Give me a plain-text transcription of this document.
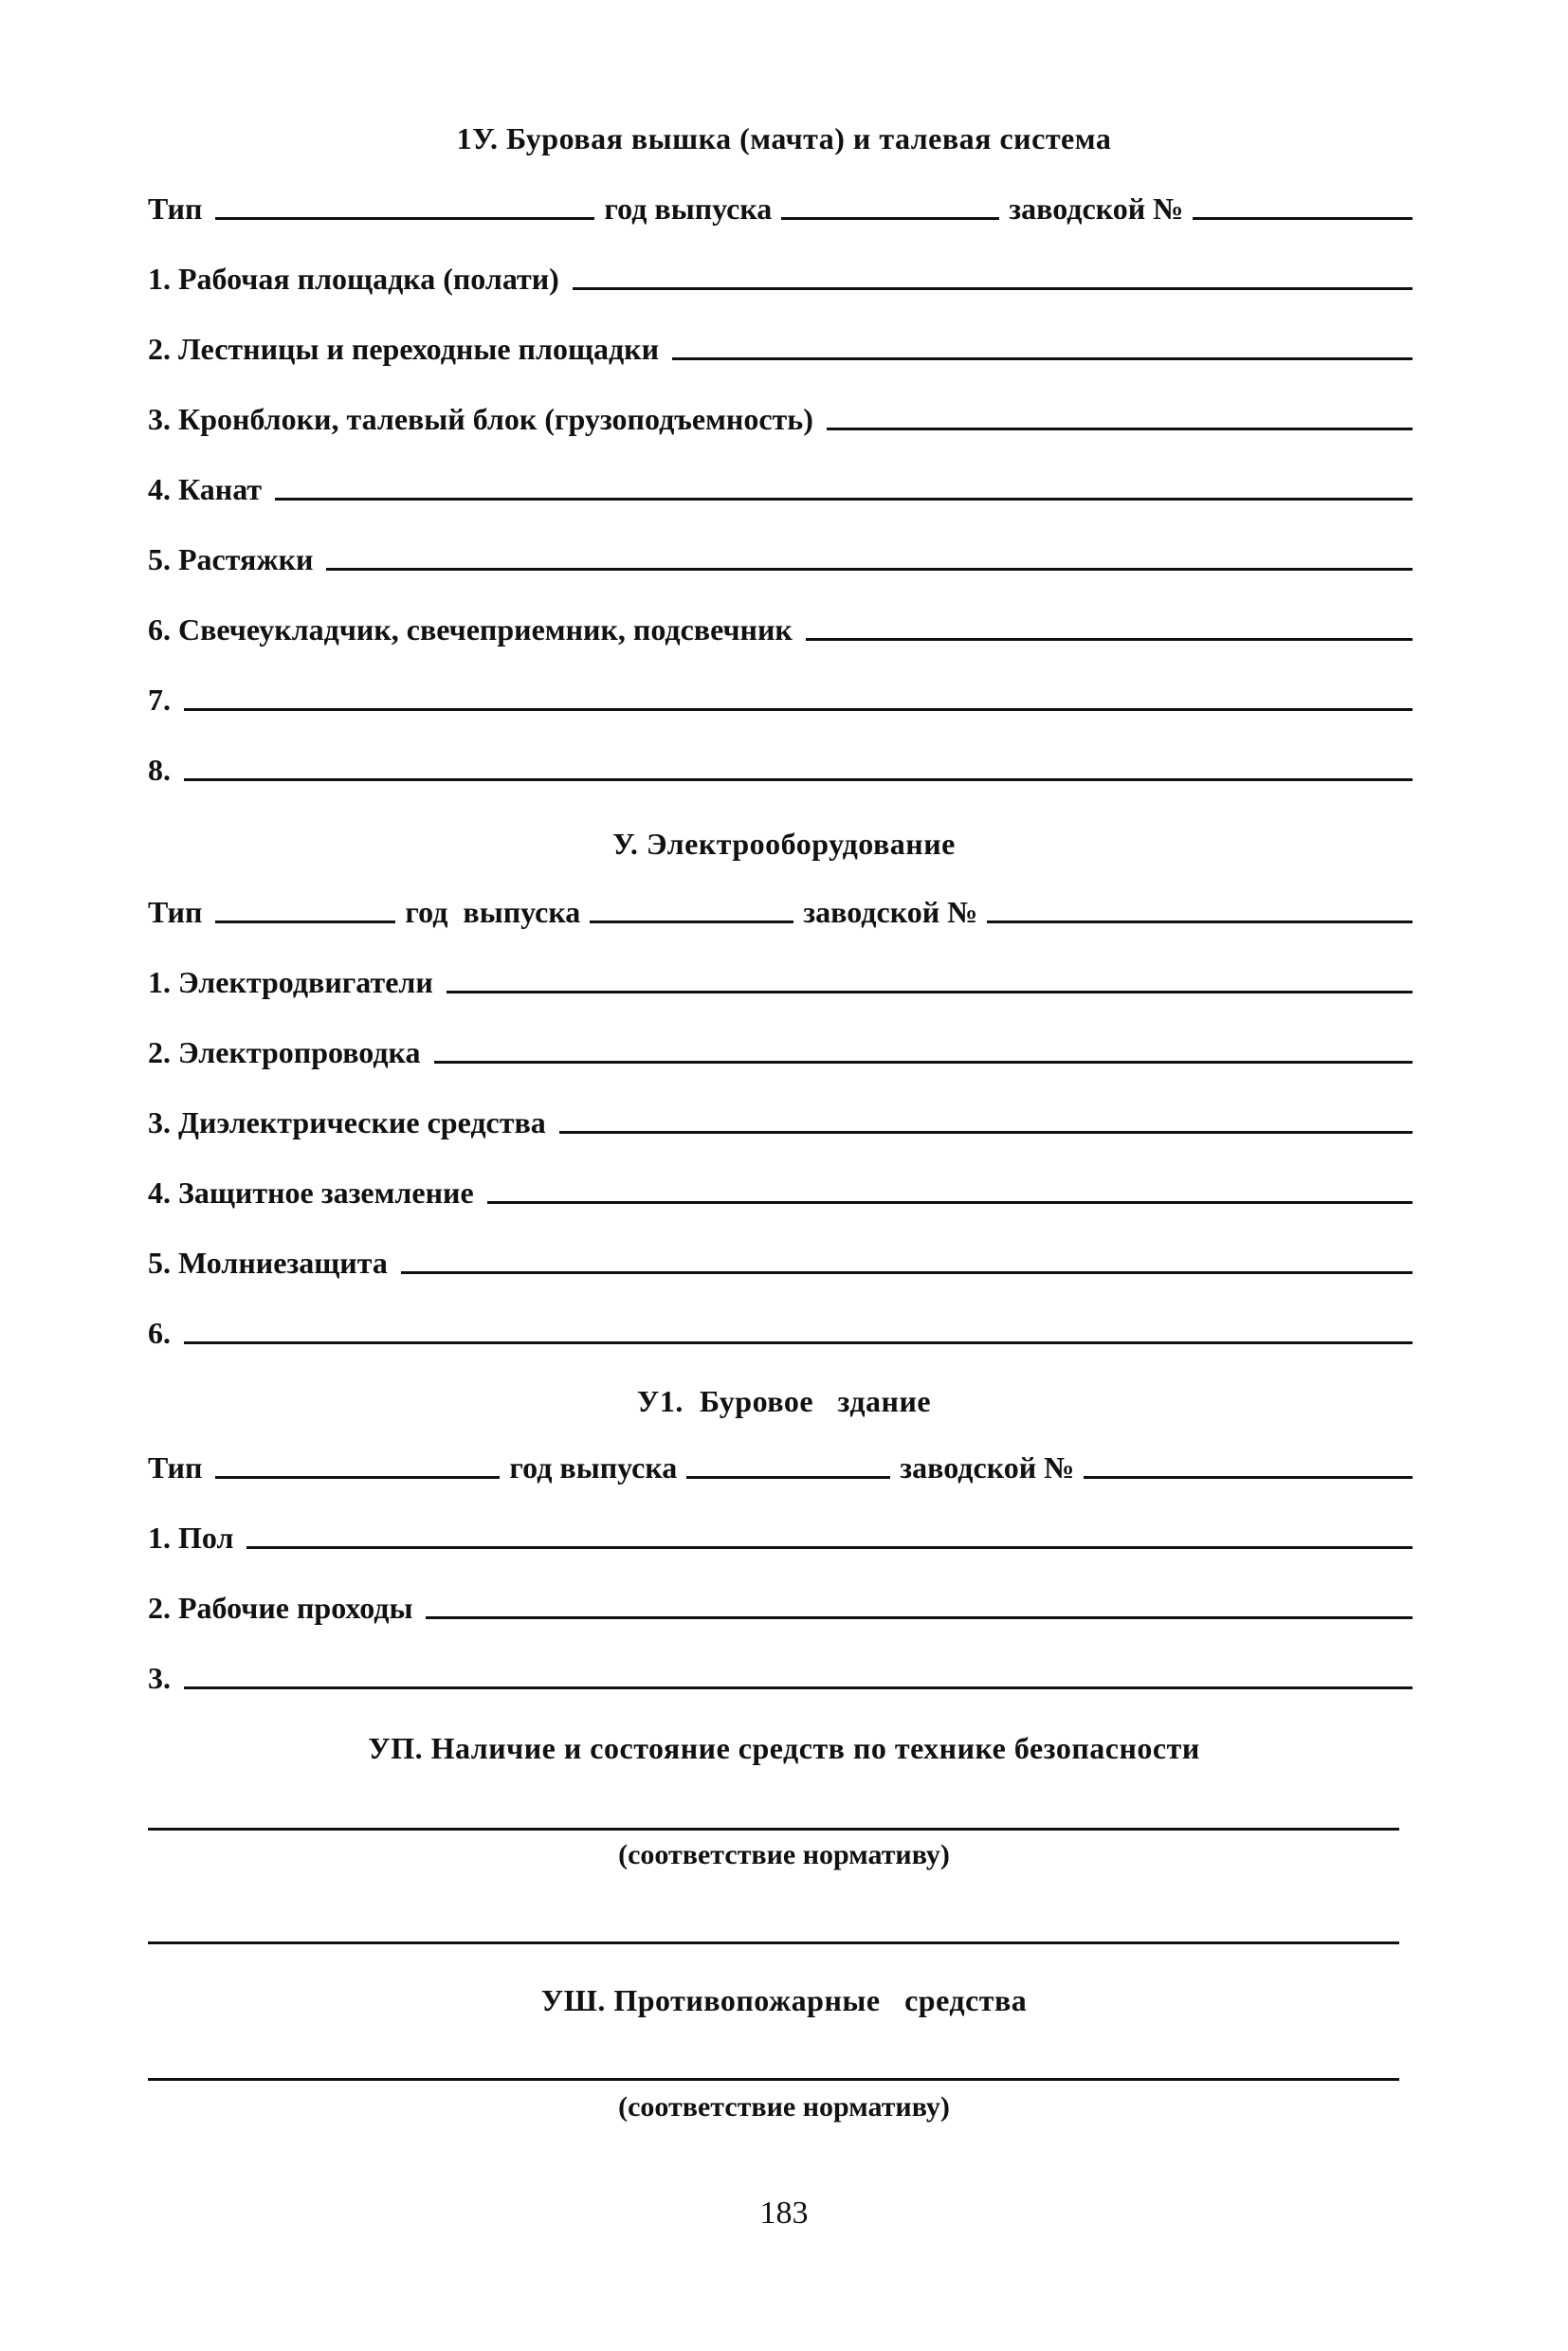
1У. Буровая вышка (мачта) и талевая система
Тип	год выпуска	заводской №
1. Рабочая площадка (полати)
2. Лестницы и переходные площадки
3. Кронблоки, талевый блок (грузоподъемность)
4. Канат
5. Растяжки
6. Свечеукладчик, свечеприемник, подсвечник
7.
8.
У. Электрооборудование
Тип	год  выпуска	заводской №
1. Электродвигатели
2. Электропроводка
3. Диэлектрические средства
4. Защитное заземление
5. Молниезащита
6.
У1.  Буровое   здание
Тип	год выпуска	заводской №
1. Пол
2. Рабочие проходы
3.
УП. Наличие и состояние средств по технике безопасности
(соответствие нормативу)
УШ. Противопожарные   средства
(соответствие нормативу)
183
